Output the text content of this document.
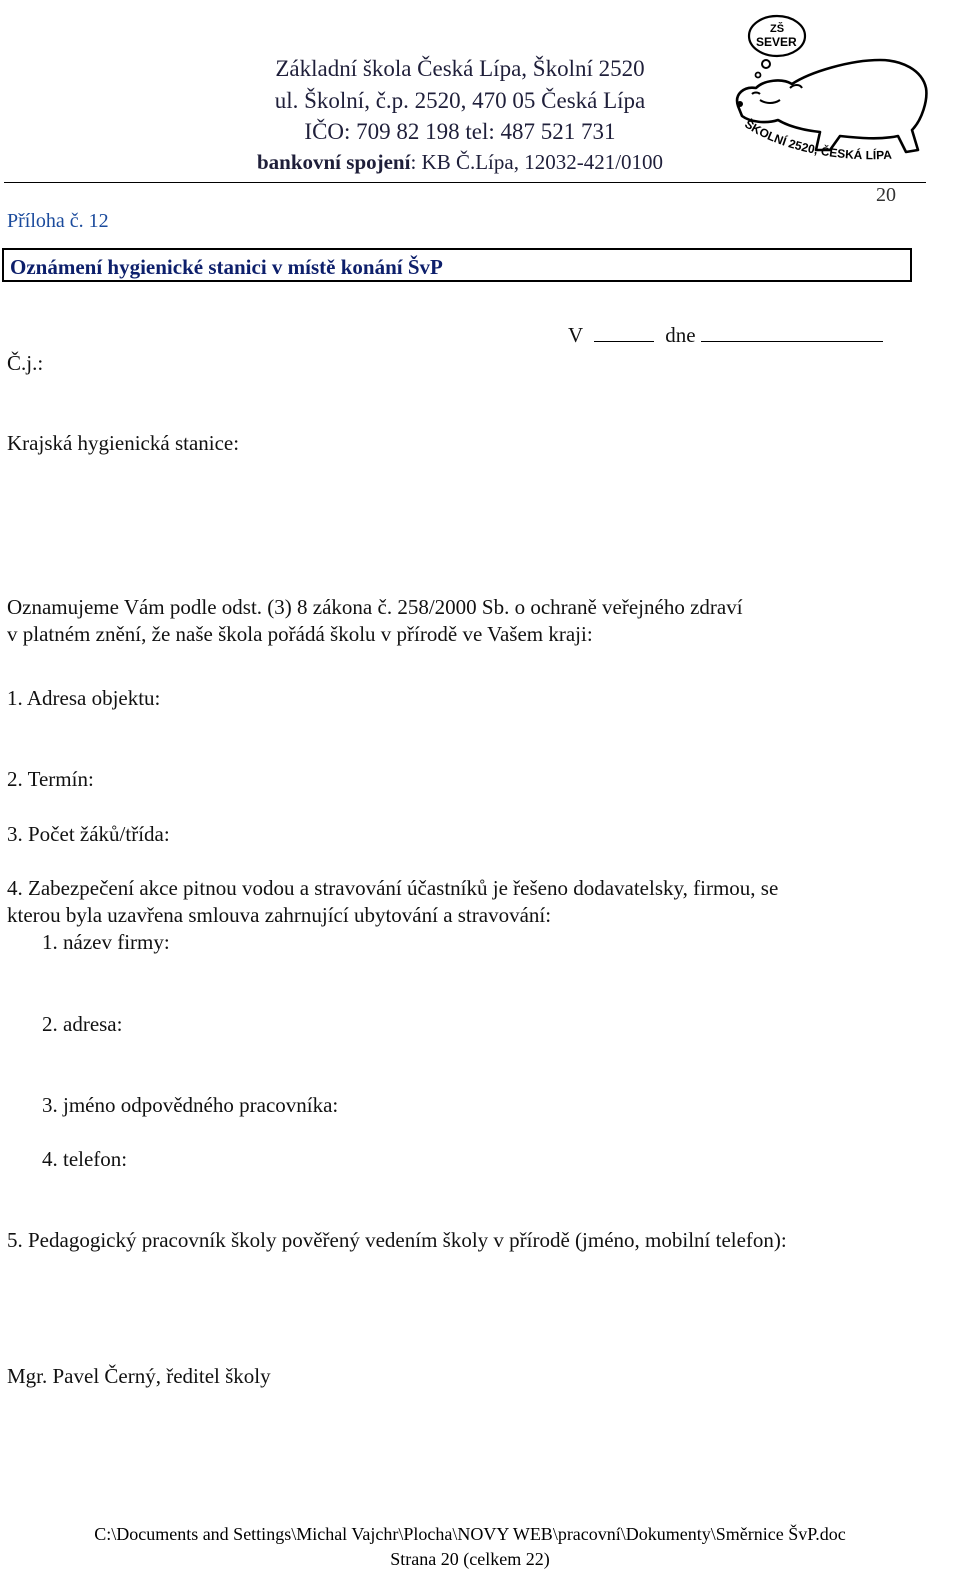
Základní škola Česká Lípa, Školní 2520
ul. Školní, č.p. 2520, 470 05 Česká Lípa
IČO: 709 82 198 tel: 487 521 731
bankovní spojení: KB Č.Lípa, 12032-421/0100
ZŠ
SEVER
ŠKOLNÍ 2520, ČESKÁ LÍPA
20
Příloha č. 12
Oznámení hygienické stanici v místě konání ŠvP
V	dne
Č.j.:
Krajská hygienická stanice:
Oznamujeme Vám podle odst. (3) 8 zákona č. 258/2000 Sb. o ochraně veřejného zdraví
v platném znění, že naše škola pořádá školu v přírodě ve Vašem kraji:
1. Adresa objektu:
2. Termín:
3. Počet žáků/třída:
4. Zabezpečení akce pitnou vodou a stravování účastníků je řešeno dodavatelsky, firmou, se
kterou byla uzavřena smlouva zahrnující ubytování a stravování:
1. název firmy:
2. adresa:
3. jméno odpovědného pracovníka:
4. telefon:
5. Pedagogický pracovník školy pověřený vedením školy v přírodě (jméno, mobilní telefon):
Mgr. Pavel Černý, ředitel školy
C:\Documents and Settings\Michal Vajchr\Plocha\NOVY WEB\pracovní\Dokumenty\Směrnice ŠvP.doc
Strana 20 (celkem 22)
